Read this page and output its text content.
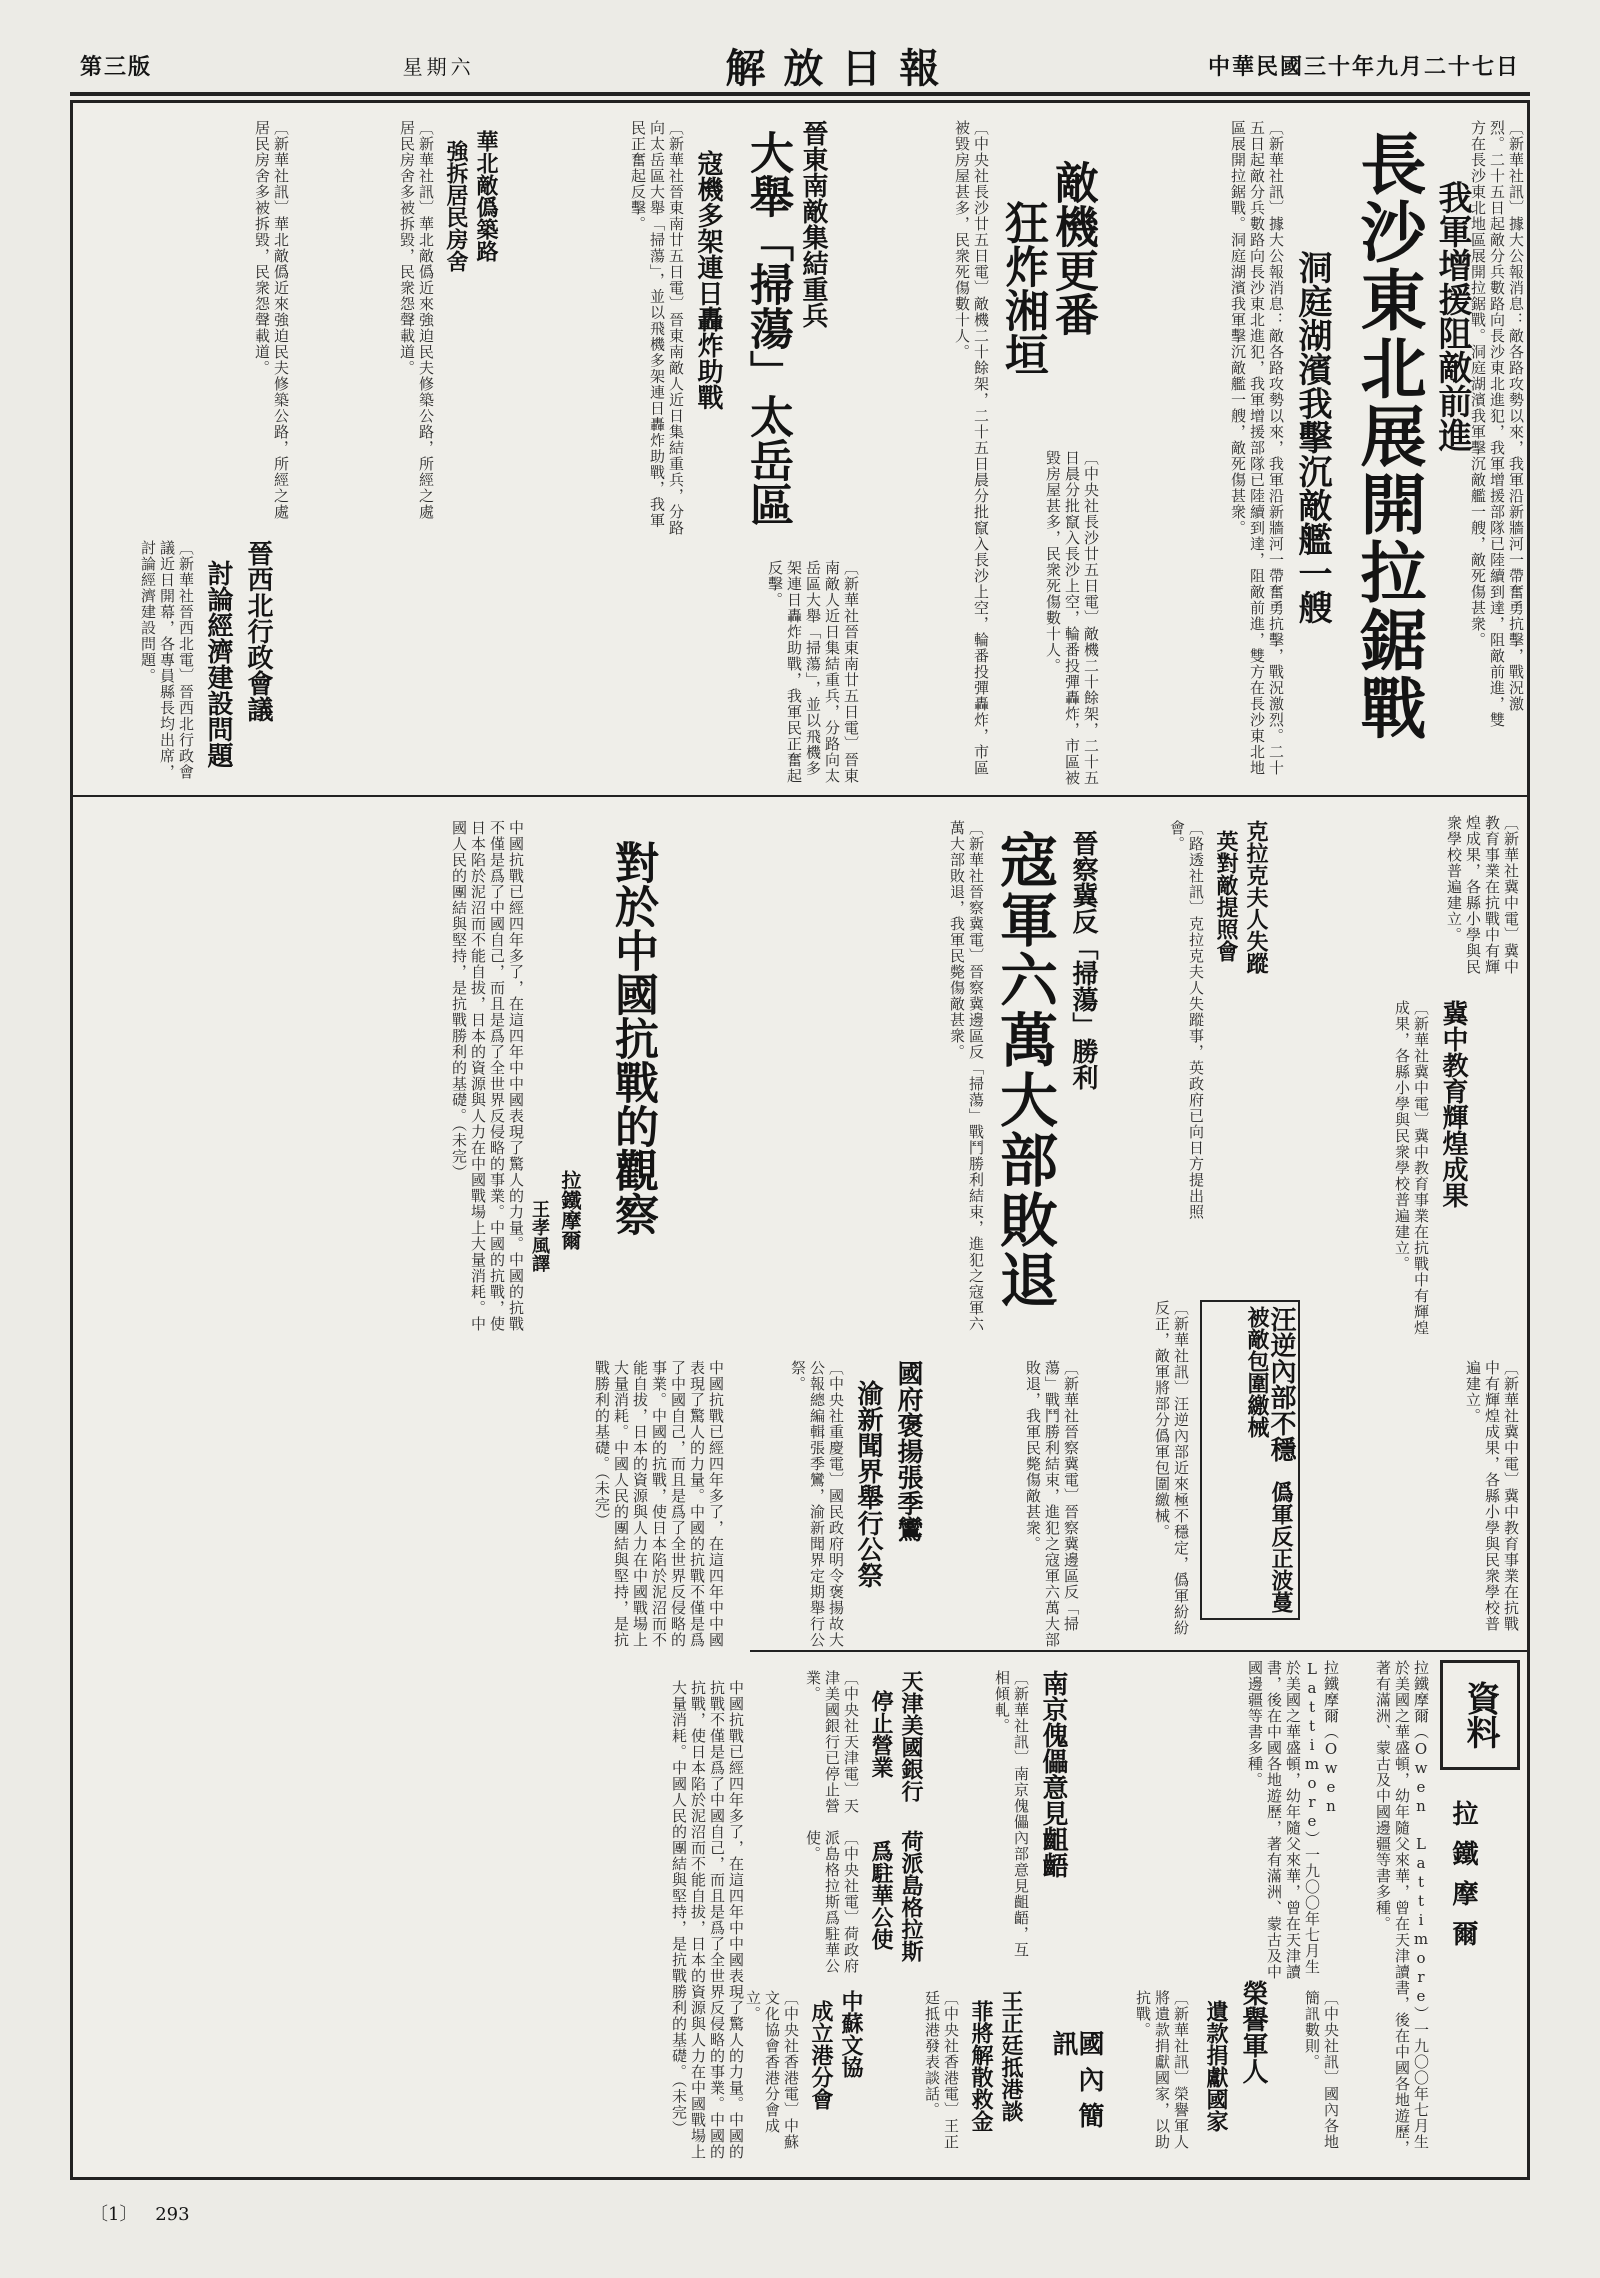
第三版	星期六	解放日報	中華民國三十年九月二十七日
我軍增援阻敵前進
長沙東北展開拉鋸戰
洞庭湖濱我擊沉敵艦一艘	〔新華社訊〕據大公報消息：敵各路攻勢以來，我軍沿新牆河一帶奮勇抗擊，戰況激烈。二十五日起敵分兵數路向長沙東北進犯，我軍增援部隊已陸續到達，阻敵前進，雙方在長沙東北地區展開拉鋸戰。洞庭湖濱我軍擊沉敵艦一艘，敵死傷甚衆。
〔新華社訊〕據大公報消息：敵各路攻勢以來，我軍沿新牆河一帶奮勇抗擊，戰況激烈。二十五日起敵分兵數路向長沙東北進犯，我軍增援部隊已陸續到達，阻敵前進，雙方在長沙東北地區展開拉鋸戰。洞庭湖濱我軍擊沉敵艦一艘，敵死傷甚衆。
敵機更番
狂炸湘垣
〔中央社長沙廿五日電〕敵機二十餘架，二十五日晨分批竄入長沙上空，輪番投彈轟炸，市區被毀房屋甚多，民衆死傷數十人。
〔中央社長沙廿五日電〕敵機二十餘架，二十五日晨分批竄入長沙上空，輪番投彈轟炸，市區被毀房屋甚多，民衆死傷數十人。
晉東南敵集結重兵
大舉「掃蕩」太岳區
寇機多架連日轟炸助戰
〔新華社晉東南廿五日電〕晉東南敵人近日集結重兵，分路向太岳區大舉「掃蕩」，並以飛機多架連日轟炸助戰，我軍民正奮起反擊。
〔新華社晉東南廿五日電〕晉東南敵人近日集結重兵，分路向太岳區大舉「掃蕩」，並以飛機多架連日轟炸助戰，我軍民正奮起反擊。
華北敵僞築路
強拆居民房舍
〔新華社訊〕華北敵僞近來強迫民夫修築公路，所經之處居民房舍多被拆毀，民衆怨聲載道。
晉西北行政會議
討論經濟建設問題
〔新華社晉西北電〕晉西北行政會議近日開幕，各專員縣長均出席，討論經濟建設問題。
〔新華社訊〕華北敵僞近來強迫民夫修築公路，所經之處居民房舍多被拆毀，民衆怨聲載道。
冀中教育輝煌成果
〔新華社冀中電〕冀中教育事業在抗戰中有輝煌成果，各縣小學與民衆學校普遍建立。
〔新華社冀中電〕冀中教育事業在抗戰中有輝煌成果，各縣小學與民衆學校普遍建立。
克拉克夫人失蹤
英對敵提照會
〔路透社訊〕克拉克夫人失蹤事，英政府已向日方提出照會。
晉察冀反「掃蕩」勝利
寇軍六萬大部敗退
〔新華社晉察冀電〕晉察冀邊區反「掃蕩」戰鬥勝利結束，進犯之寇軍六萬大部敗退，我軍民斃傷敵甚衆。
國府褒揚張季鸞
渝新聞界舉行公祭
〔中央社重慶電〕國民政府明令褒揚故大公報總編輯張季鸞，渝新聞界定期舉行公祭。	〔新華社晉察冀電〕晉察冀邊區反「掃蕩」戰鬥勝利結束，進犯之寇軍六萬大部敗退，我軍民斃傷敵甚衆。	汪逆內部不穩 僞軍反正波蔓 被敵包圍繳械
〔新華社訊〕汪逆內部近來極不穩定，僞軍紛紛反正，敵軍將部分僞軍包圍繳械。	〔新華社冀中電〕冀中教育事業在抗戰中有輝煌成果，各縣小學與民衆學校普遍建立。
對於中國抗戰的觀察
拉鐵摩爾
王孝風譯
中國抗戰已經四年多了，在這四年中中國表現了驚人的力量。中國的抗戰不僅是爲了中國自己，而且是爲了全世界反侵略的事業。中國的抗戰，使日本陷於泥沼而不能自拔，日本的資源與人力在中國戰場上大量消耗。中國人民的團結與堅持，是抗戰勝利的基礎。（未完）
中國抗戰已經四年多了，在這四年中中國表現了驚人的力量。中國的抗戰不僅是爲了中國自己，而且是爲了全世界反侵略的事業。中國的抗戰，使日本陷於泥沼而不能自拔，日本的資源與人力在中國戰場上大量消耗。中國人民的團結與堅持，是抗戰勝利的基礎。（未完）
中國抗戰已經四年多了，在這四年中中國表現了驚人的力量。中國的抗戰不僅是爲了中國自己，而且是爲了全世界反侵略的事業。中國的抗戰，使日本陷於泥沼而不能自拔，日本的資源與人力在中國戰場上大量消耗。中國人民的團結與堅持，是抗戰勝利的基礎。（未完）	南京傀儡意見齟齬
〔新華社訊〕南京傀儡內部意見齟齬，互相傾軋。
天津美國銀行
停止營業
〔中央社天津電〕天津美國銀行已停止營業。
荷派島格拉斯
爲駐華公使
〔中央社電〕荷政府派島格拉斯爲駐華公使。
王正廷抵港談
菲將解散救金
〔中央社香港電〕王正廷抵港發表談話。
中蘇文協
成立港分會
〔中央社香港電〕中蘇文化協會香港分會成立。	榮譽軍人
遺款捐獻國家
〔新華社訊〕榮譽軍人將遺款捐獻國家，以助抗戰。
國內簡訊	〔中央社訊〕國內各地簡訊數則。
資料
拉鐵摩爾
拉鐵摩爾（Owen Lattimore）一九〇〇年七月生於美國之華盛頓，幼年隨父來華，曾在天津讀書，後在中國各地遊歷，著有滿洲、蒙古及中國邊疆等書多種。
拉鐵摩爾（Owen Lattimore）一九〇〇年七月生於美國之華盛頓，幼年隨父來華，曾在天津讀書，後在中國各地遊歷，著有滿洲、蒙古及中國邊疆等書多種。
〔1〕 293
